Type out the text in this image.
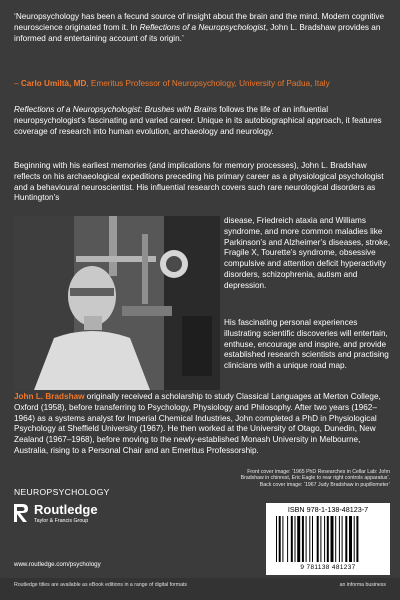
‘Neuropsychology has been a fecund source of insight about the brain and the mind. Modern cognitive neuroscience originated from it. In Reflections of a Neuropsychologist, John L. Bradshaw provides an informed and entertaining account of its origin.’

– Carlo Umiltà, MD, Emeritus Professor of Neuropsychology, University of Padua, Italy

Reflections of a Neuropsychologist: Brushes with Brains follows the life of an influential neuropsychologist’s fascinating and varied career. Unique in its autobiographical approach, it features coverage of research into human evolution, archaeology and neurology.

Beginning with his earliest memories (and implications for memory processes), John L. Bradshaw reflects on his archaeological expeditions preceding his primary career as a physiological psychologist and a behavioural neuroscientist. His influential research covers such rare neurological disorders as Huntington’s

disease, Friedreich ataxia and Williams syndrome, and more common maladies like Parkinson’s and Alzheimer’s diseases, stroke, Fragile X, Tourette’s syndrome, obsessive compulsive and attention deficit hyperactivity disorders, schizophrenia, autism and depression.

His fascinating personal experiences illustrating scientific discoveries will entertain, enthuse, encourage and inspire, and provide established research scientists and practising clinicians with a unique road map.

John L. Bradshaw originally received a scholarship to study Classical Languages at Merton College, Oxford (1958), before transferring to Psychology, Physiology and Philosophy. After two years (1962–1964) as a systems analyst for Imperial Chemical Industries, John completed a PhD in Physiological Psychology at Sheffield University (1967). He then worked at the University of Otago, Dunedin, New Zealand (1967–1968), before moving to the newly-established Monash University in Melbourne, Australia, rising to a Personal Chair and an Emeritus Professorship.

Front cover image: ‘1965 PhD Researches in Cellar Lab: John
Bradshaw in chinrest, Eric Eagle to rear right controls apparatus’.
Back cover image: ‘1967 Judy Bradshaw in pupillometer’
NEUROPSYCHOLOGY
Routledge
Taylor & Francis Group
www.routledge.com/psychology
ISBN 978-1-138-48123-7
9 781138 481237
Routledge titles are available as eBook editions in a range of digital formats	an informa business
